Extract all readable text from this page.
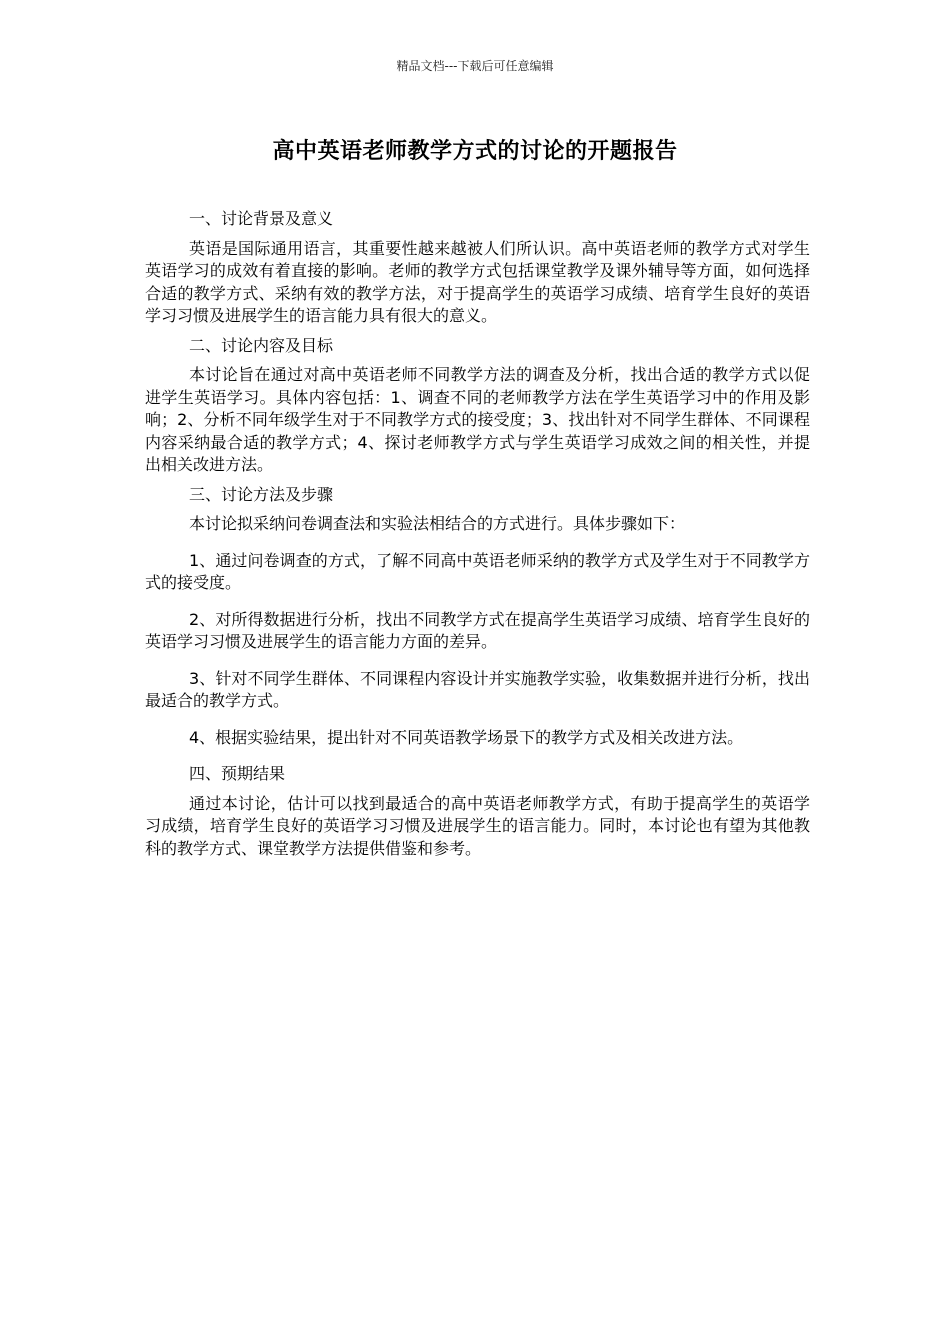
精品文档---下载后可任意编辑
高中英语老师教学方式的讨论的开题报告

一、讨论背景及意义

英语是国际通用语言，其重要性越来越被人们所认识。高中英语老师的教学方式对学生英语学习的成效有着直接的影响。老师的教学方式包括课堂教学及课外辅导等方面，如何选择合适的教学方式、采纳有效的教学方法，对于提高学生的英语学习成绩、培育学生良好的英语学习习惯及进展学生的语言能力具有很大的意义。

二、讨论内容及目标

本讨论旨在通过对高中英语老师不同教学方法的调查及分析，找出合适的教学方式以促进学生英语学习。具体内容包括：1、调查不同的老师教学方法在学生英语学习中的作用及影响；2、分析不同年级学生对于不同教学方式的接受度；3、找出针对不同学生群体、不同课程内容采纳最合适的教学方式；4、探讨老师教学方式与学生英语学习成效之间的相关性，并提出相关改进方法。

三、讨论方法及步骤

本讨论拟采纳问卷调查法和实验法相结合的方式进行。具体步骤如下：

1、通过问卷调查的方式，了解不同高中英语老师采纳的教学方式及学生对于不同教学方式的接受度。

2、对所得数据进行分析，找出不同教学方式在提高学生英语学习成绩、培育学生良好的英语学习习惯及进展学生的语言能力方面的差异。

3、针对不同学生群体、不同课程内容设计并实施教学实验，收集数据并进行分析，找出最适合的教学方式。

4、根据实验结果，提出针对不同英语教学场景下的教学方式及相关改进方法。

四、预期结果

通过本讨论，估计可以找到最适合的高中英语老师教学方式，有助于提高学生的英语学习成绩，培育学生良好的英语学习习惯及进展学生的语言能力。同时，本讨论也有望为其他教科的教学方式、课堂教学方法提供借鉴和参考。
